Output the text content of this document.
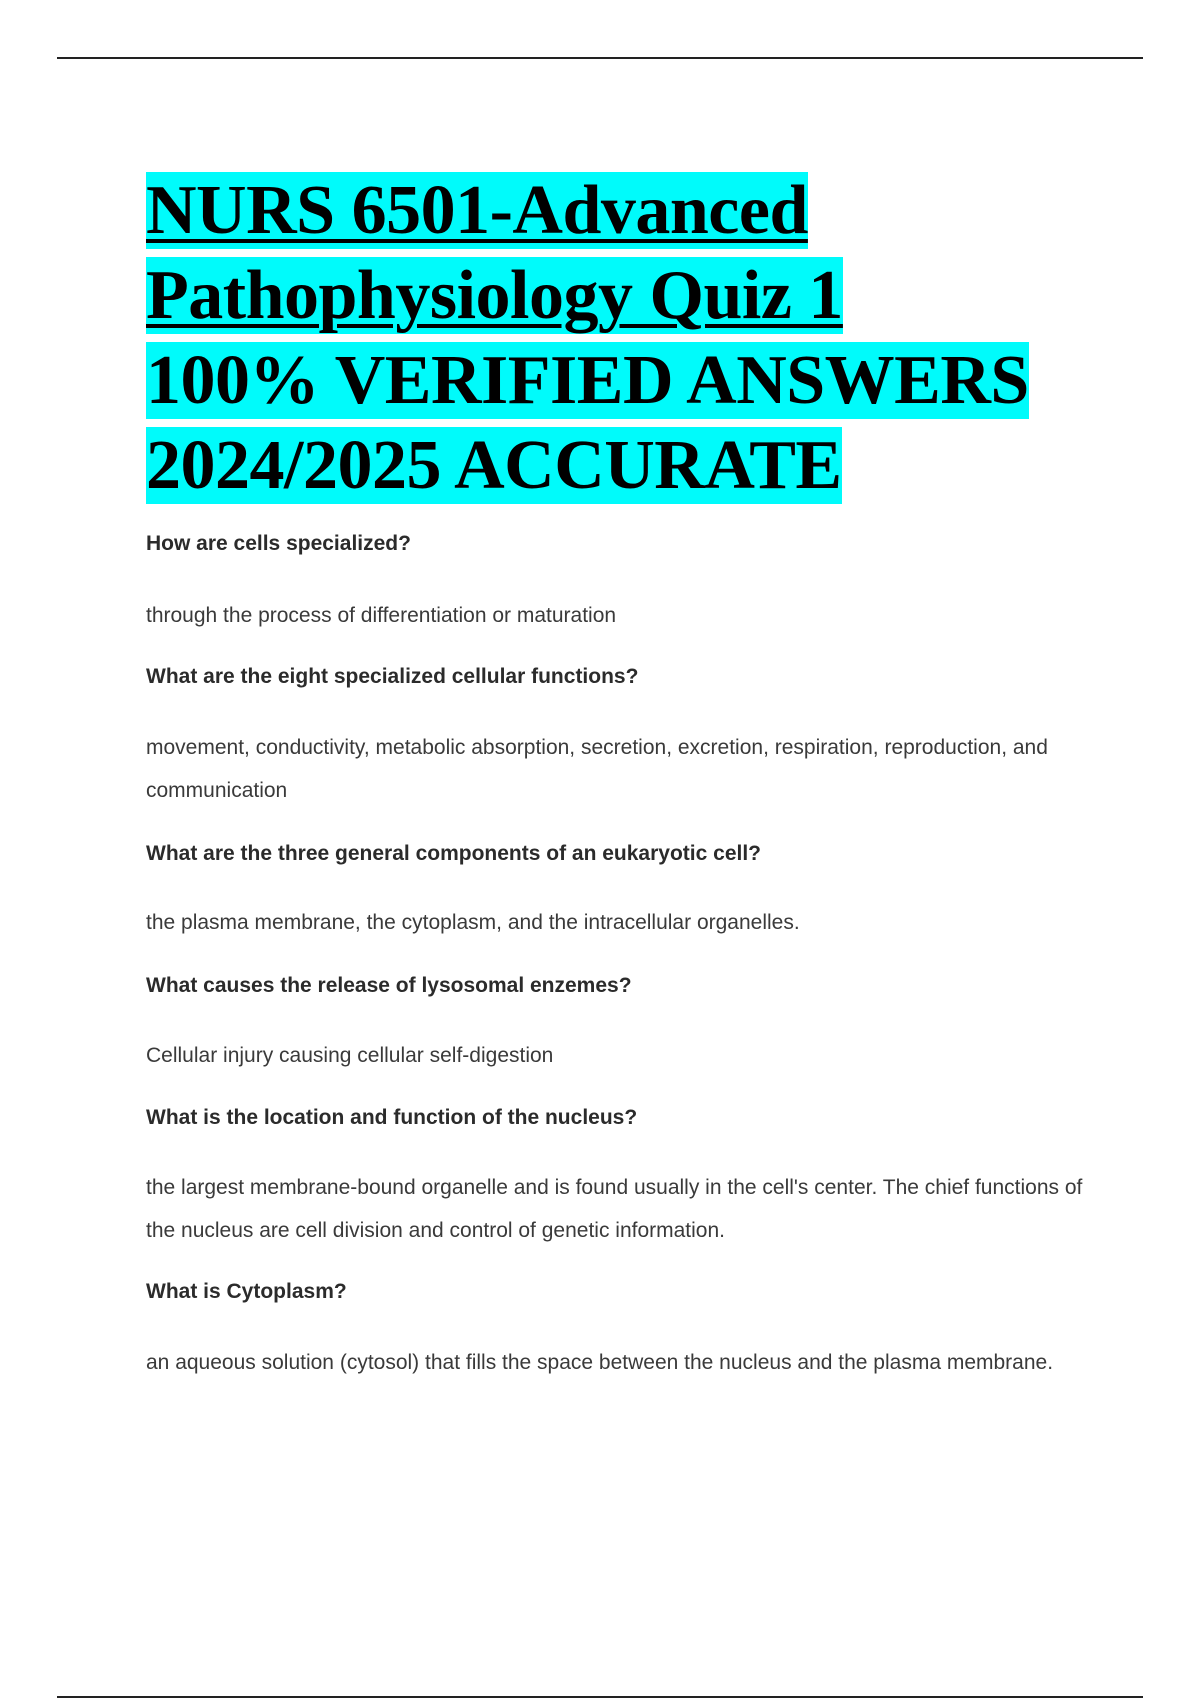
NURS 6501-Advanced
Pathophysiology Quiz 1
100% VERIFIED ANSWERS
2024/2025 ACCURATE
How are cells specialized?
through the process of differentiation or maturation
What are the eight specialized cellular functions?
movement, conductivity, metabolic absorption, secretion, excretion, respiration, reproduction, and communication
What are the three general components of an eukaryotic cell?
the plasma membrane, the cytoplasm, and the intracellular organelles.
What causes the release of lysosomal enzemes?
Cellular injury causing cellular self-digestion
What is the location and function of the nucleus?
the largest membrane-bound organelle and is found usually in the cell's center. The chief functions of the nucleus are cell division and control of genetic information.
What is Cytoplasm?
an aqueous solution (cytosol) that fills the space between the nucleus and the plasma membrane.
